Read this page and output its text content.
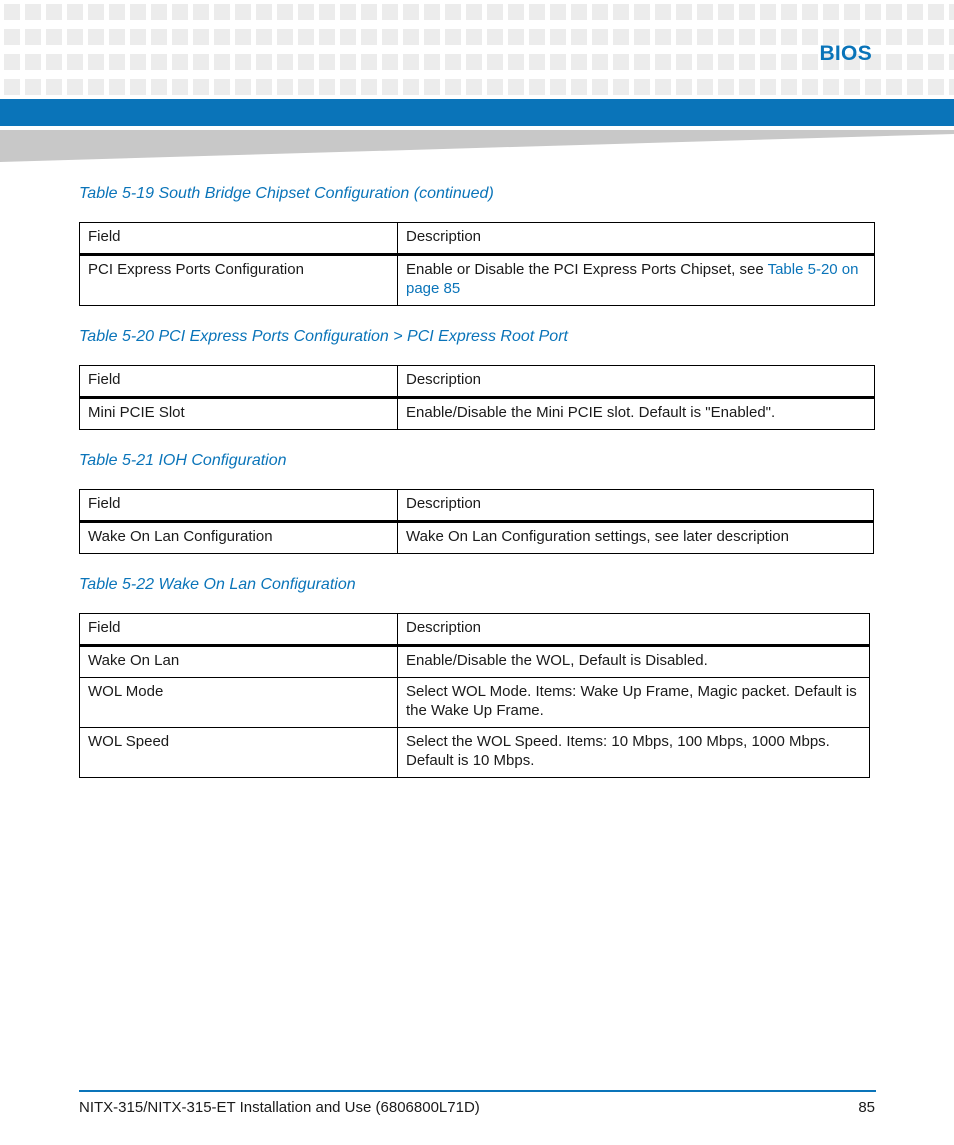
BIOS
Table 5-19 South Bridge Chipset Configuration (continued)
Field	Description
PCI Express Ports Configuration	Enable or Disable the PCI Express Ports Chipset, see Table 5-20 on page 85
Table 5-20 PCI Express Ports Configuration > PCI Express Root Port
Field	Description
Mini PCIE Slot	Enable/Disable the Mini PCIE slot. Default is "Enabled".
Table 5-21 IOH Configuration
Field	Description
Wake On Lan Configuration	Wake On Lan Configuration settings, see later description
Table 5-22 Wake On Lan Configuration
Field	Description
Wake On Lan	Enable/Disable the WOL, Default is Disabled.
WOL Mode	Select WOL Mode. Items: Wake Up Frame, Magic packet. Default is the Wake Up Frame.
WOL Speed	Select the WOL Speed. Items: 10 Mbps, 100 Mbps, 1000 Mbps. Default is 10 Mbps.
NITX-315/NITX-315-ET Installation and Use (6806800L71D)	85
